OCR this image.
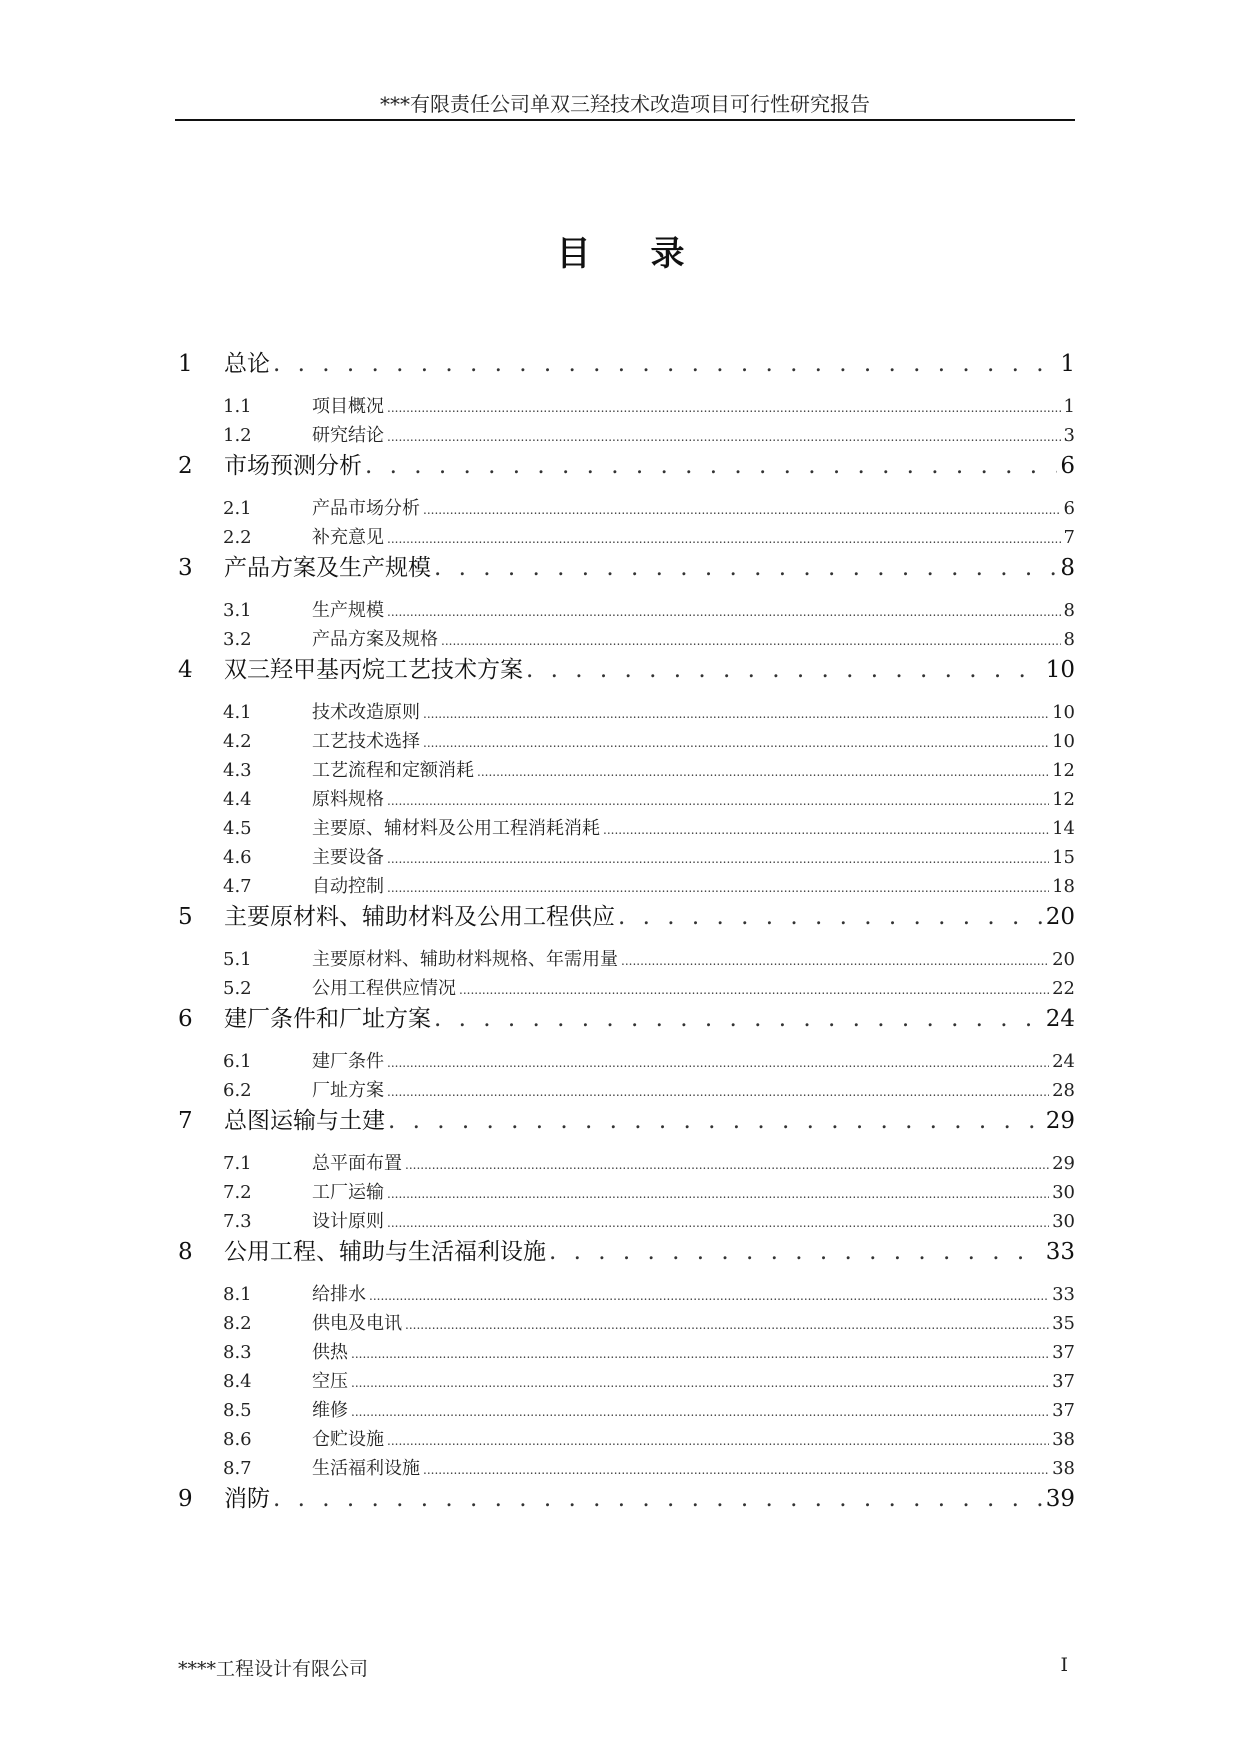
***有限责任公司单双三羟技术改造项目可行性研究报告
目录
1	总论 . . .	1
1.1	项目概况 .....	1
1.2	研究结论 .....	3
2	市场预测分析 . . .	6
2.1	产品市场分析 .....	6
2.2	补充意见 .....	7
3	产品方案及生产规模 . . .	8
3.1	生产规模 .....	8
3.2	产品方案及规格 .....	8
4	双三羟甲基丙烷工艺技术方案 . . .	10
4.1	技术改造原则 .....	10
4.2	工艺技术选择 .....	10
4.3	工艺流程和定额消耗 .....	12
4.4	原料规格 .....	12
4.5	主要原、辅材料及公用工程消耗消耗 .....	14
4.6	主要设备 .....	15
4.7	自动控制 .....	18
5	主要原材料、辅助材料及公用工程供应 . . .	20
5.1	主要原材料、辅助材料规格、年需用量 .....	20
5.2	公用工程供应情况 .....	22
6	建厂条件和厂址方案 . . .	24
6.1	建厂条件 .....	24
6.2	厂址方案 .....	28
7	总图运输与土建 . . .	29
7.1	总平面布置 .....	29
7.2	工厂运输 .....	30
7.3	设计原则 .....	30
8	公用工程、辅助与生活福利设施 . . .	33
8.1	给排水 .....	33
8.2	供电及电讯 .....	35
8.3	供热 .....	37
8.4	空压 .....	37
8.5	维修 .....	37
8.6	仓贮设施 .....	38
8.7	生活福利设施 .....	38
9	消防 . . .	39
****工程设计有限公司	I
